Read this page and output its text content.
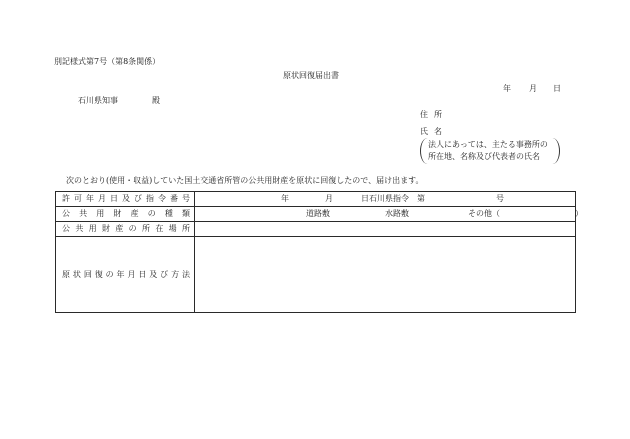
別記様式第7号（第8条関係）
原状回復届出書
年 月 日
石川県知事	殿
住所
氏名
法人にあっては、主たる事務所の
所在地、名称及び代表者の氏名
次のとおり(使用・収益)していた国土交通省所管の公共用財産を原状に回復したので、届け出ます。
許可年月日及び指令番号	年 月 日石川県指令　第 号

公共用財産の種類	道路敷 水路敷 その他（ ）

公共用財産の所在場所	
原状回復の年月日及び方法	
